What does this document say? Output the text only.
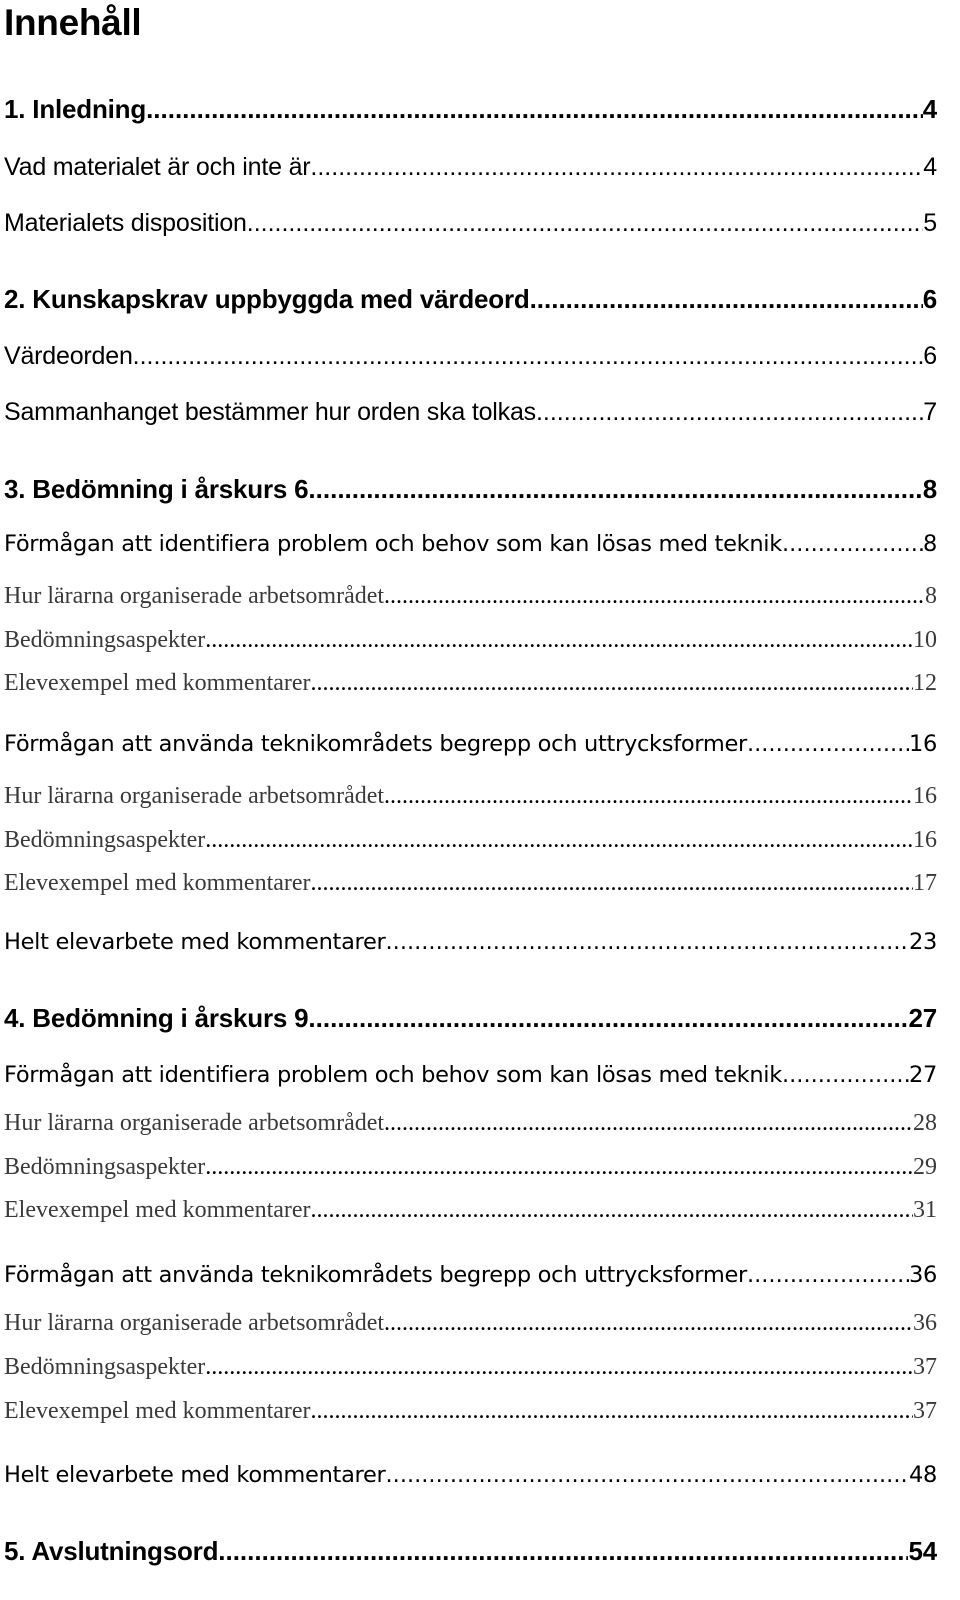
Innehåll
1. Inledning .....	4
Vad materialet är och inte är .....	4
Materialets disposition .....	5
2. Kunskapskrav uppbyggda med värdeord .....	6
Värdeorden .....	6
Sammanhanget bestämmer hur orden ska tolkas .....	7
3. Bedömning i årskurs 6 .....	8
Förmågan att identifiera problem och behov som kan lösas med teknik .....	8
Hur lärarna organiserade arbetsområdet .....	8
Bedömningsaspekter .....	10
Elevexempel med kommentarer .....	12
Förmågan att använda teknikområdets begrepp och uttrycksformer .....	16
Hur lärarna organiserade arbetsområdet .....	16
Bedömningsaspekter .....	16
Elevexempel med kommentarer .....	17
Helt elevarbete med kommentarer .....	23
4. Bedömning i årskurs 9 .....	27
Förmågan att identifiera problem och behov som kan lösas med teknik .....	27
Hur lärarna organiserade arbetsområdet .....	28
Bedömningsaspekter .....	29
Elevexempel med kommentarer .....	31
Förmågan att använda teknikområdets begrepp och uttrycksformer .....	36
Hur lärarna organiserade arbetsområdet .....	36
Bedömningsaspekter .....	37
Elevexempel med kommentarer .....	37
Helt elevarbete med kommentarer .....	48
5. Avslutningsord .....	54
